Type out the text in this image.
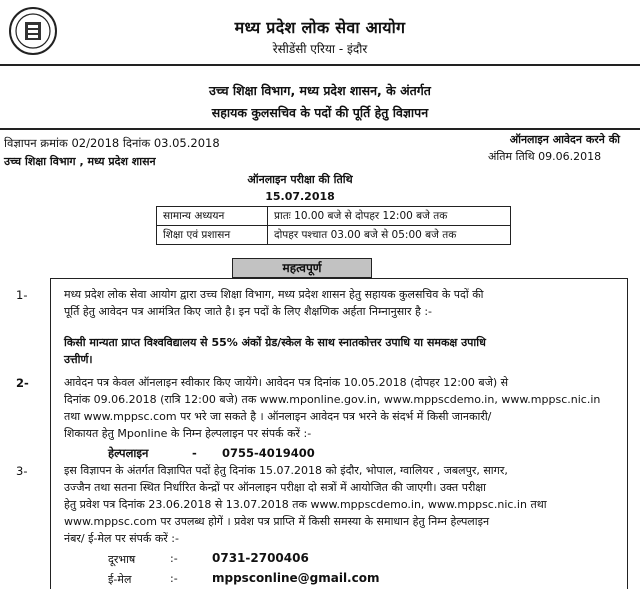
मध्य प्रदेश लोक सेवा आयोग
रेसीडेंसी एरिया - इंदौर
उच्च शिक्षा विभाग, मध्य प्रदेश शासन, के अंतर्गत
सहायक कुलसचिव के पदों की पूर्ति हेतु विज्ञापन
विज्ञापन क्रमांक 02/2018 दिनांक 03.05.2018
उच्च शिक्षा विभाग , मध्य प्रदेश शासन
ऑनलाइन आवेदन करने की
अंतिम तिथि 09.06.2018
ऑनलाइन परीक्षा की तिथि
15.07.2018
सामान्य अध्ययन	प्रातः 10.00 बजे से दोपहर 12:00 बजे तक
शिक्षा एवं प्रशासन	दोपहर पश्चात 03.00 बजे से 05:00 बजे तक
महत्वपूर्ण
1-	मध्य प्रदेश लोक सेवा आयोग द्वारा उच्च शिक्षा विभाग, मध्य प्रदेश शासन हेतु सहायक कुलसचिव के पदों की

पूर्ति हेतु आवेदन पत्र आमंत्रित किए जाते है। इन पदों के लिए शैक्षणिक अर्हता निम्नानुसार है :-

किसी मान्यता प्राप्त विश्वविद्यालय से 55% अंकों ग्रेड/स्केल के साथ स्नातकोत्तर उपाधि या समकक्ष उपाधि

उत्तीर्ण।

2-	आवेदन पत्र केवल ऑनलाइन स्वीकार किए जायेंगे। आवेदन पत्र दिनांक 10.05.2018 (दोपहर 12:00 बजे) से

दिनांक 09.06.2018 (रात्रि 12:00 बजे) तक www.mponline.gov.in, www.mppscdemo.in, www.mppsc.nic.in

तथा www.mppsc.com पर भरे जा सकते है । ऑनलाइन आवेदन पत्र भरने के संदर्भ में किसी जानकारी/

शिकायत हेतु Mponline के निम्न हेल्पलाइन पर संपर्क करें :-

हेल्पलाइन	- 0755-4019400
3-	इस विज्ञापन के अंतर्गत विज्ञापित पदों हेतु दिनांक 15.07.2018 को इंदौर, भोपाल, ग्वालियर , जबलपुर, सागर,

उज्जैन तथा सतना स्थित निर्धारित केन्द्रों पर ऑनलाइन परीक्षा दो सत्रों में आयोजित की जाएगी। उक्त परीक्षा

हेतु प्रवेश पत्र दिनांक 23.06.2018 से 13.07.2018 तक www.mppscdemo.in, www.mppsc.nic.in तथा

www.mppsc.com पर उपलब्ध होगें । प्रवेश पत्र प्राप्ति में किसी समस्या के समाधान हेतु निम्न हेल्पलाइन

नंबर/ ई-मेल पर संपर्क करें :-

दूरभाष	:-	0731-2700406
ई-मेल	:-	mppsconline@gmail.com
